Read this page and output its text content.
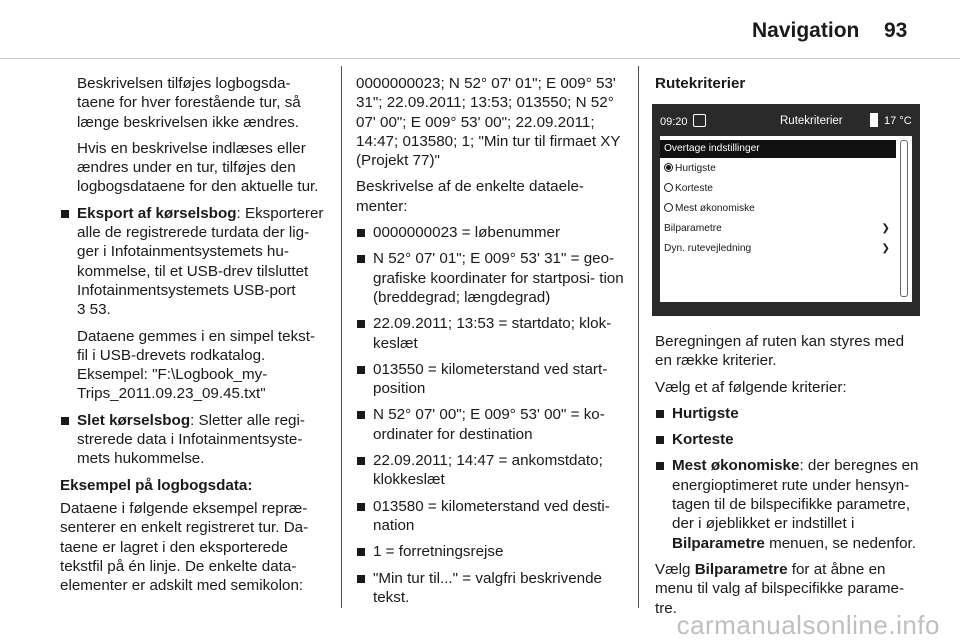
Navigation 93

Beskrivelsen tilføjes logbogsda- taene for hver forestående tur, så længe beskrivelsen ikke ændres.

Hvis en beskrivelse indlæses eller ændres under en tur, tilføjes den logbogsdataene for den aktuelle tur.

Eksport af kørselsbog: Eksporterer alle de registrerede turdata der lig- ger i Infotainmentsystemets hu- kommelse, til et USB-drev tilsluttet Infotainmentsystemets USB-port
3 53.

Dataene gemmes i en simpel tekst- fil i USB-drevets rodkatalog. Eksempel: "F:\Logbook_my- Trips_2011.09.23_09.45.txt"

Slet kørselsbog: Sletter alle regi- strerede data i Infotainmentsyste- mets hukommelse.

Eksempel på logbogsdata:

Dataene i følgende eksempel repræ- senterer en enkelt registreret tur. Da- taene er lagret i den eksporterede tekstfil på én linje. De enkelte data- elementer er adskilt med semikolon:

0000000023; N 52° 07' 01"; E 009° 53' 31"; 22.09.2011; 13:53; 013550; N 52° 07' 00"; E 009° 53' 00"; 22.09.2011; 14:47; 013580; 1; "Min tur til firmaet XY (Projekt 77)"

Beskrivelse af de enkelte dataele- menter:

0000000023 = løbenummer
N 52° 07' 01"; E 009° 53' 31" = geo- grafiske koordinater for startposi- tion (breddegrad; længdegrad)
22.09.2011; 13:53 = startdato; klok- keslæt
013550 = kilometerstand ved start- position
N 52° 07' 00"; E 009° 53' 00" = ko- ordinater for destination
22.09.2011; 14:47 = ankomstdato; klokkeslæt
013580 = kilometerstand ved desti- nation
1 = forretningsrejse
"Min tur til..." = valgfri beskrivende tekst.

Rutekriterier

09:20	Rutekriterier	17 °C
Overtage indstillinger
Hurtigste
Korteste
Mest økonomiske
Bilparametre	❯
Dyn. rutevejledning	❯

Beregningen af ruten kan styres med en række kriterier.

Vælg et af følgende kriterier:

Hurtigste
Korteste
Mest økonomiske: der beregnes en energioptimeret rute under hensyn- tagen til de bilspecifikke parametre, der i øjeblikket er indstillet i Bilparametre menuen, se nedenfor.

Vælg Bilparametre for at åbne en menu til valg af bilspecifikke parame- tre.

carmanualsonline.info
